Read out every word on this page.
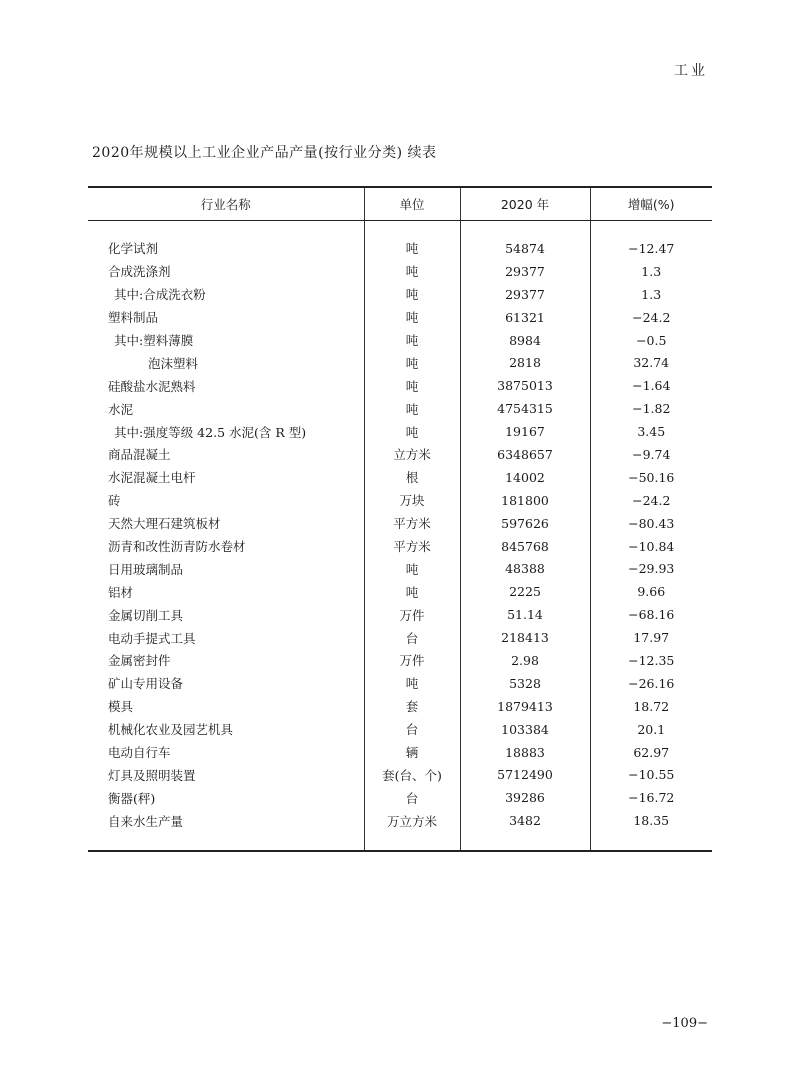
工业
2020年规模以上工业企业产品产量(按行业分类) 续表
行业名称	单位	2020 年	增幅(%)

化学试剂	吨	54874	−12.47
合成洗涤剂	吨	29377	1.3
其中:合成洗衣粉	吨	29377	1.3
塑料制品	吨	61321	−24.2
其中:塑料薄膜	吨	8984	−0.5
泡沫塑料	吨	2818	32.74
硅酸盐水泥熟料	吨	3875013	−1.64
水泥	吨	4754315	−1.82
其中:强度等级 42.5 水泥(含 R 型)	吨	19167	3.45
商品混凝土	立方米	6348657	−9.74
水泥混凝土电杆	根	14002	−50.16
砖	万块	181800	−24.2
天然大理石建筑板材	平方米	597626	−80.43
沥青和改性沥青防水卷材	平方米	845768	−10.84
日用玻璃制品	吨	48388	−29.93
铝材	吨	2225	9.66
金属切削工具	万件	51.14	−68.16
电动手提式工具	台	218413	17.97
金属密封件	万件	2.98	−12.35
矿山专用设备	吨	5328	−26.16
模具	套	1879413	18.72
机械化农业及园艺机具	台	103384	20.1
电动自行车	辆	18883	62.97
灯具及照明装置	套(台、个)	5712490	−10.55
衡器(秤)	台	39286	−16.72
自来水生产量	万立方米	3482	18.35

−109−
